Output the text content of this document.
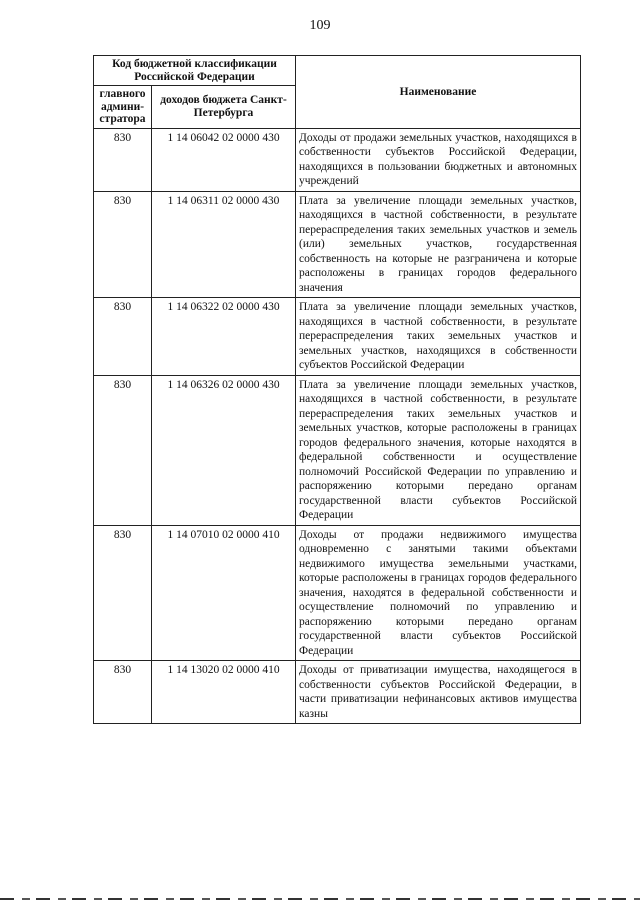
109
Код бюджетной классификации Российской Федерации		Наименование
главного админи-стратора	доходов бюджета Санкт-Петербурга	
830	1 14 06042 02 0000 430	Доходы от продажи земельных участков, находящихся в собственности субъектов Российской Федерации, находящихся в пользовании бюджетных и автономных учреждений
830	1 14 06311 02 0000 430	Плата за увеличение площади земельных участков, находящихся в частной собственности, в результате перераспределения таких земельных участков и земель (или) земельных участков, государственная собственность на которые не разграничена и которые расположены в границах городов федерального значения
830	1 14 06322 02 0000 430	Плата за увеличение площади земельных участков, находящихся в частной собственности, в результате перераспределения таких земельных участков и земельных участков, находящихся в собственности субъектов Российской Федерации
830	1 14 06326 02 0000 430	Плата за увеличение площади земельных участков, находящихся в частной собственности, в результате перераспределения таких земельных участков и земельных участков, которые расположены в границах городов федерального значения, которые находятся в федеральной собственности и осуществление полномочий Российской Федерации по управлению и распоряжению которыми передано органам государственной власти субъектов Российской Федерации
830	1 14 07010 02 0000 410	Доходы от продажи недвижимого имущества одновременно с занятыми такими объектами недвижимого имущества земельными участками, которые расположены в границах городов федерального значения, находятся в федеральной собственности и осуществление полномочий по управлению и распоряжению которыми передано органам государственной власти субъектов Российской Федерации
830	1 14 13020 02 0000 410	Доходы от приватизации имущества, находящегося в собственности субъектов Российской Федерации, в части приватизации нефинансовых активов имущества казны
